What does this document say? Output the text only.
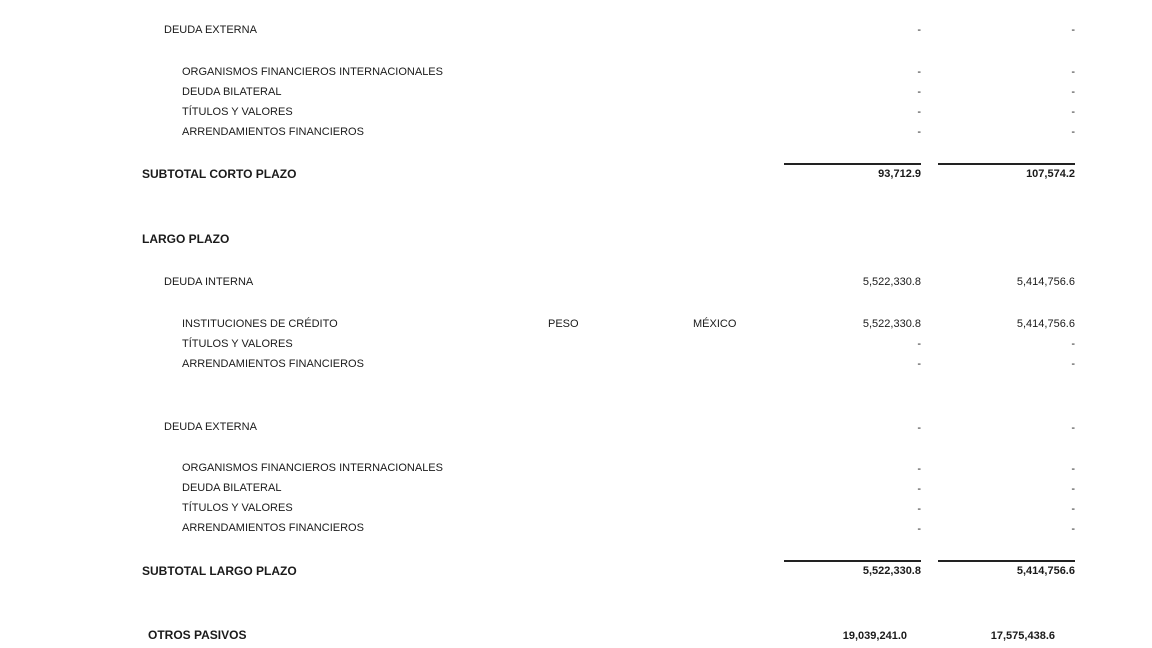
DEUDA EXTERNA	-	-
ORGANISMOS FINANCIEROS INTERNACIONALES	-	-
DEUDA BILATERAL	-	-
TÍTULOS Y VALORES	-	-
ARRENDAMIENTOS FINANCIEROS	-	-
SUBTOTAL CORTO PLAZO	93,712.9	107,574.2
LARGO PLAZO
DEUDA INTERNA	5,522,330.8	5,414,756.6
INSTITUCIONES DE CRÉDITO	PESO	MÉXICO	5,522,330.8	5,414,756.6
TÍTULOS Y VALORES	-	-
ARRENDAMIENTOS FINANCIEROS	-	-
DEUDA EXTERNA	-	-
ORGANISMOS FINANCIEROS INTERNACIONALES	-	-
DEUDA BILATERAL	-	-
TÍTULOS Y VALORES	-	-
ARRENDAMIENTOS FINANCIEROS	-	-
SUBTOTAL LARGO PLAZO	5,522,330.8	5,414,756.6
OTROS PASIVOS	19,039,241.0	17,575,438.6
